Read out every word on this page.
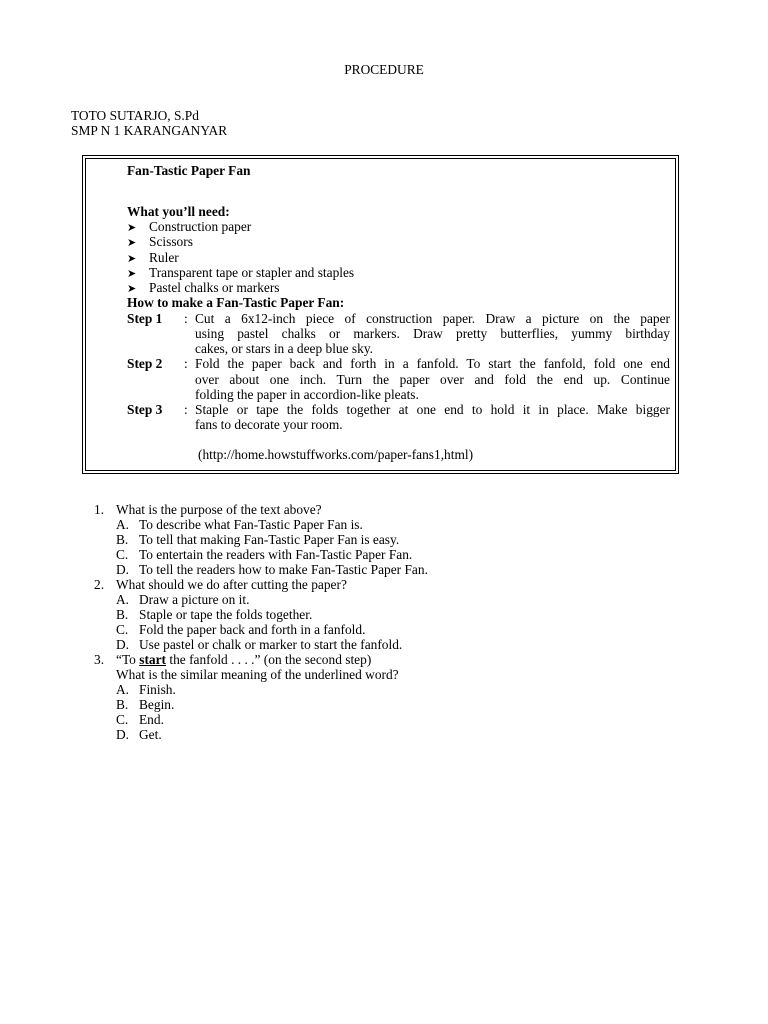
PROCEDURE
TOTO SUTARJO, S.Pd
SMP N 1 KARANGANYAR
Fan-Tastic Paper Fan
What you’ll need:
➤ Construction paper
➤ Scissors
➤ Ruler
➤ Transparent tape or stapler and staples
➤ Pastel chalks or markers
How to make a Fan-Tastic Paper Fan:
Step 1 : Cut a 6x12-inch piece of construction paper. Draw a picture on the paper
using pastel chalks or markers. Draw pretty butterflies, yummy birthday
cakes, or stars in a deep blue sky.
Step 2 : Fold the paper back and forth in a fanfold. To start the fanfold, fold one end
over about one inch. Turn the paper over and fold the end up. Continue
folding the paper in accordion-like pleats.
Step 3 : Staple or tape the folds together at one end to hold it in place. Make bigger
fans to decorate your room.
(http://home.howstuffworks.com/paper-fans1,html)
1. What is the purpose of the text above?
A. To describe what Fan-Tastic Paper Fan is.
B. To tell that making Fan-Tastic Paper Fan is easy.
C. To entertain the readers with Fan-Tastic Paper Fan.
D. To tell the readers how to make Fan-Tastic Paper Fan.
2. What should we do after cutting the paper?
A. Draw a picture on it.
B. Staple or tape the folds together.
C. Fold the paper back and forth in a fanfold.
D. Use pastel or chalk or marker to start the fanfold.
3. “To start the fanfold . . . .” (on the second step)
What is the similar meaning of the underlined word?
A. Finish.
B. Begin.
C. End.
D. Get.
